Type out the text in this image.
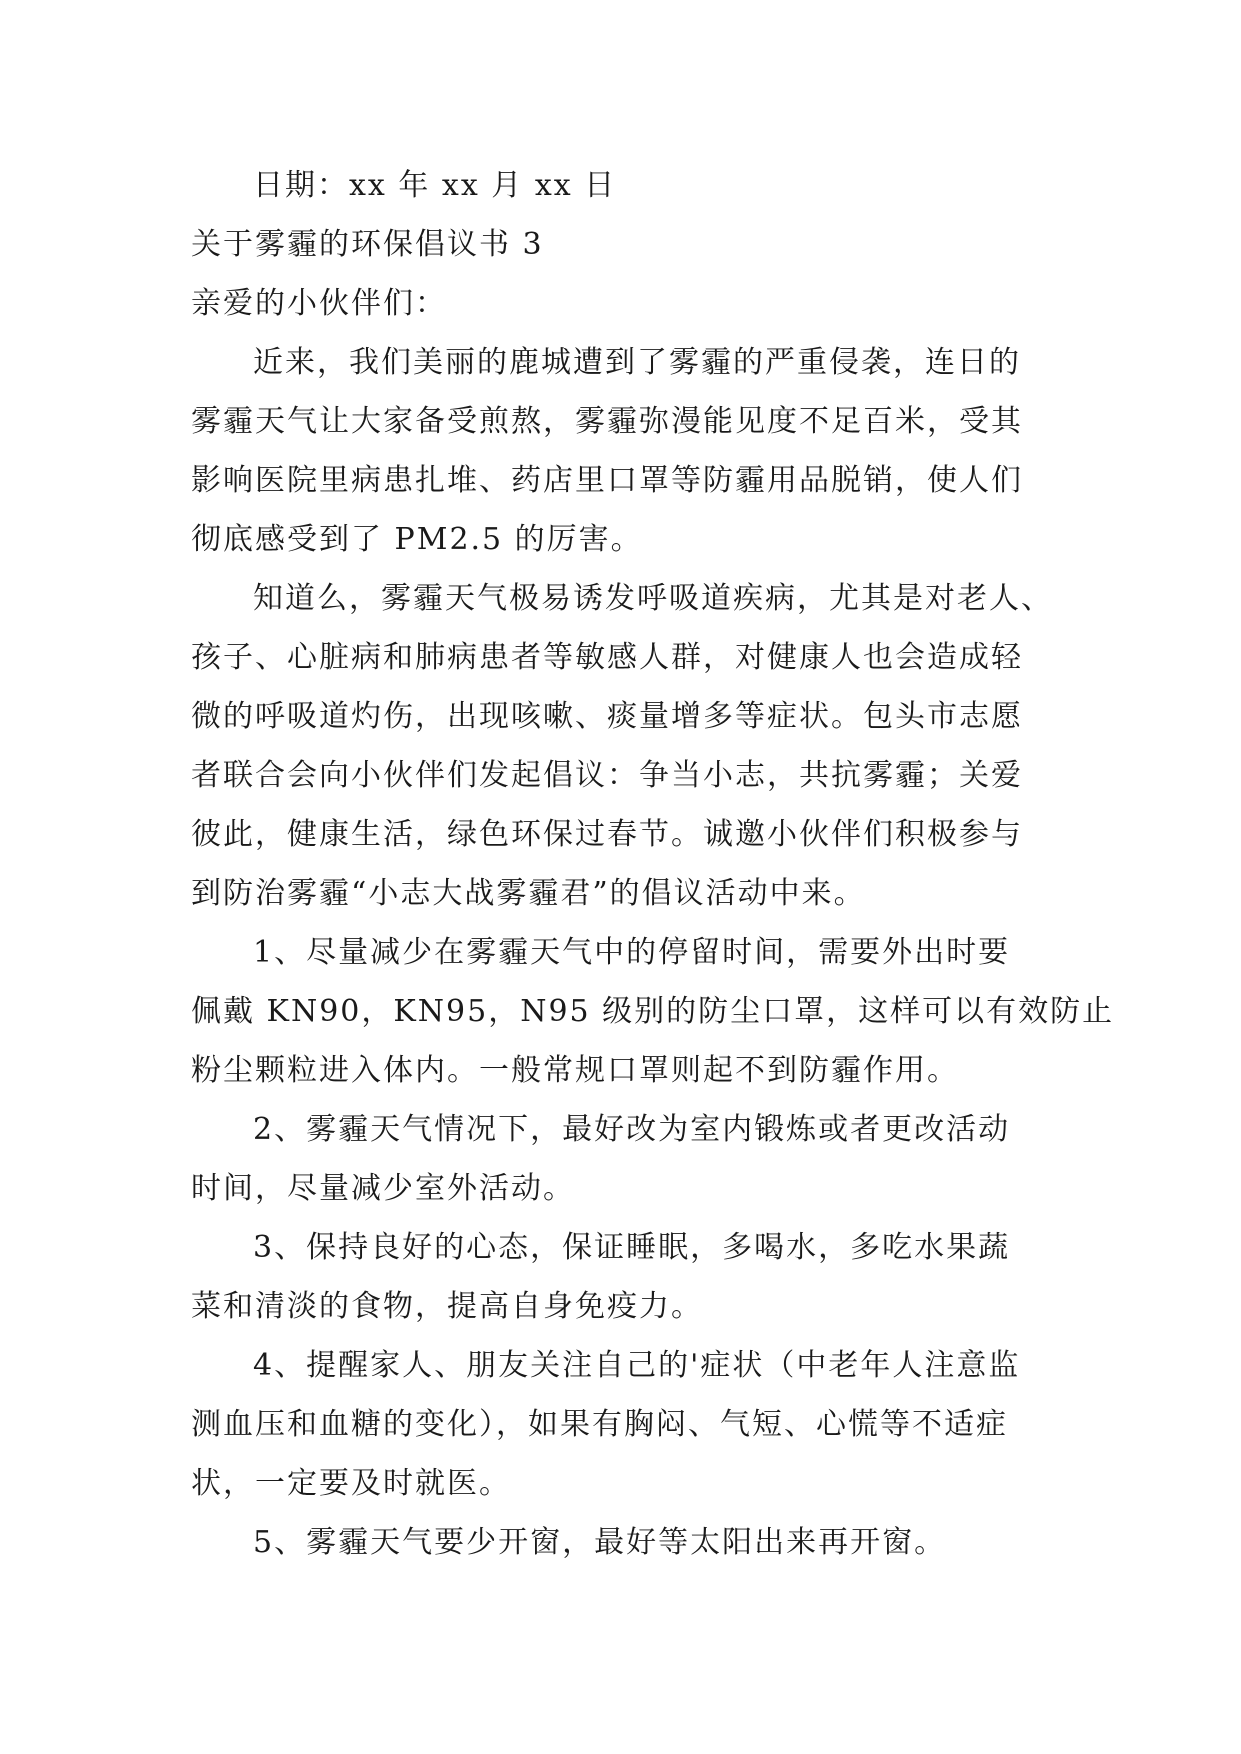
日期：xx 年 xx 月 xx 日
关于雾霾的环保倡议书 3
亲爱的小伙伴们：
近来，我们美丽的鹿城遭到了雾霾的严重侵袭，连日的
雾霾天气让大家备受煎熬，雾霾弥漫能见度不足百米，受其
影响医院里病患扎堆、药店里口罩等防霾用品脱销，使人们
彻底感受到了 PM2.5 的厉害。
知道么，雾霾天气极易诱发呼吸道疾病，尤其是对老人、
孩子、心脏病和肺病患者等敏感人群，对健康人也会造成轻
微的呼吸道灼伤，出现咳嗽、痰量增多等症状。包头市志愿
者联合会向小伙伴们发起倡议：争当小志，共抗雾霾；关爱
彼此，健康生活，绿色环保过春节。诚邀小伙伴们积极参与
到防治雾霾“小志大战雾霾君”的倡议活动中来。
1、尽量减少在雾霾天气中的停留时间，需要外出时要
佩戴 KN90，KN95，N95 级别的防尘口罩，这样可以有效防止
粉尘颗粒进入体内。一般常规口罩则起不到防霾作用。
2、雾霾天气情况下，最好改为室内锻炼或者更改活动
时间，尽量减少室外活动。
3、保持良好的心态，保证睡眠，多喝水，多吃水果蔬
菜和清淡的食物，提高自身免疫力。
4、提醒家人、朋友关注自己的'症状（中老年人注意监
测血压和血糖的变化），如果有胸闷、气短、心慌等不适症
状，一定要及时就医。
5、雾霾天气要少开窗，最好等太阳出来再开窗。
